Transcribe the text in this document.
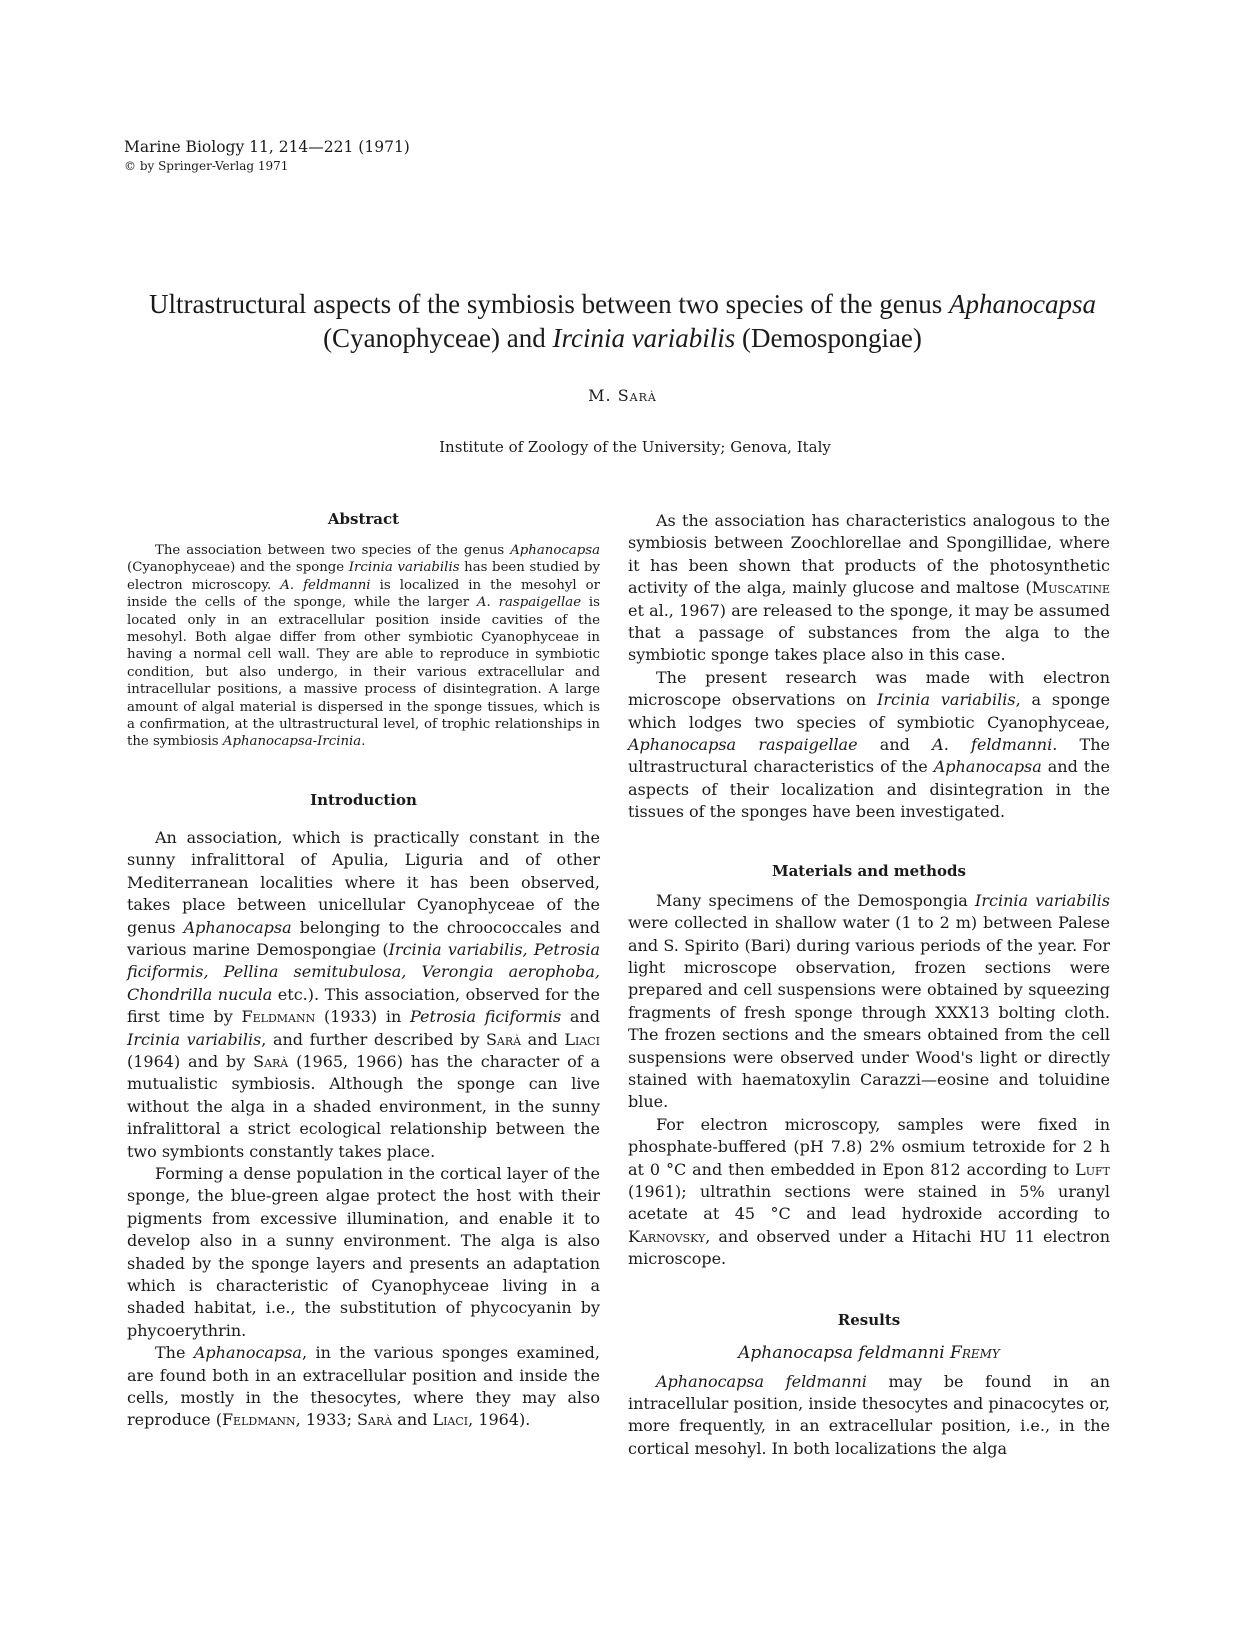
Marine Biology 11, 214—221 (1971)
© by Springer-Verlag 1971
Ultrastructural aspects of the symbiosis between two species of the genus Aphanocapsa
(Cyanophyceae) and Ircinia variabilis (Demospongiae)
M. Sarà
Institute of Zoology of the University; Genova, Italy
Abstract

The association between two species of the genus Aphanocapsa (Cyanophyceae) and the sponge Ircinia variabilis has been studied by electron microscopy. A. feldmanni is localized in the mesohyl or inside the cells of the sponge, while the larger A. raspaigellae is located only in an extracellular position inside cavities of the mesohyl. Both algae differ from other symbiotic Cyanophyceae in having a normal cell wall. They are able to reproduce in symbiotic condition, but also undergo, in their various extracellular and intracellular positions, a massive process of disintegration. A large amount of algal material is dispersed in the sponge tissues, which is a confirmation, at the ultrastructural level, of trophic relationships in the symbiosis Aphanocapsa-Ircinia.

Introduction

An association, which is practically constant in the sunny infralittoral of Apulia, Liguria and of other Mediterranean localities where it has been observed, takes place between unicellular Cyanophyceae of the genus Aphanocapsa belonging to the chroococcales and various marine Demospongiae (Ircinia variabilis, Petrosia ficiformis, Pellina semitubulosa, Verongia aerophoba, Chondrilla nucula etc.). This association, observed for the first time by Feldmann (1933) in Petrosia ficiformis and Ircinia variabilis, and further described by Sarà and Liaci (1964) and by Sarà (1965, 1966) has the character of a mutualistic symbiosis. Although the sponge can live without the alga in a shaded environment, in the sunny infralittoral a strict ecological relationship between the two symbionts constantly takes place.

Forming a dense population in the cortical layer of the sponge, the blue-green algae protect the host with their pigments from excessive illumination, and enable it to develop also in a sunny environment. The alga is also shaded by the sponge layers and presents an adaptation which is characteristic of Cyanophyceae living in a shaded habitat, i.e., the substitution of phycocyanin by phycoerythrin.

The Aphanocapsa, in the various sponges examined, are found both in an extracellular position and inside the cells, mostly in the thesocytes, where they may also reproduce (Feldmann, 1933; Sarà and Liaci, 1964).

As the association has characteristics analogous to the symbiosis between Zoochlorellae and Spongillidae, where it has been shown that products of the photosynthetic activity of the alga, mainly glucose and maltose (Muscatine et al., 1967) are released to the sponge, it may be assumed that a passage of substances from the alga to the symbiotic sponge takes place also in this case.

The present research was made with electron microscope observations on Ircinia variabilis, a sponge which lodges two species of symbiotic Cyanophyceae, Aphanocapsa raspaigellae and A. feldmanni. The ultrastructural characteristics of the Aphanocapsa and the aspects of their localization and disintegration in the tissues of the sponges have been investigated.

Materials and methods

Many specimens of the Demospongia Ircinia variabilis were collected in shallow water (1 to 2 m) between Palese and S. Spirito (Bari) during various periods of the year. For light microscope observation, frozen sections were prepared and cell suspensions were obtained by squeezing fragments of fresh sponge through XXX13 bolting cloth. The frozen sections and the smears obtained from the cell suspensions were observed under Wood's light or directly stained with haematoxylin Carazzi—eosine and toluidine blue.

For electron microscopy, samples were fixed in phosphate-buffered (pH 7.8) 2% osmium tetroxide for 2 h at 0 °C and then embedded in Epon 812 according to Luft (1961); ultrathin sections were stained in 5% uranyl acetate at 45 °C and lead hydroxide according to Karnovsky, and observed under a Hitachi HU 11 electron microscope.

Results
Aphanocapsa feldmanni Fremy

Aphanocapsa feldmanni may be found in an intracellular position, inside thesocytes and pinacocytes or, more frequently, in an extracellular position, i.e., in the cortical mesohyl. In both localizations the alga
